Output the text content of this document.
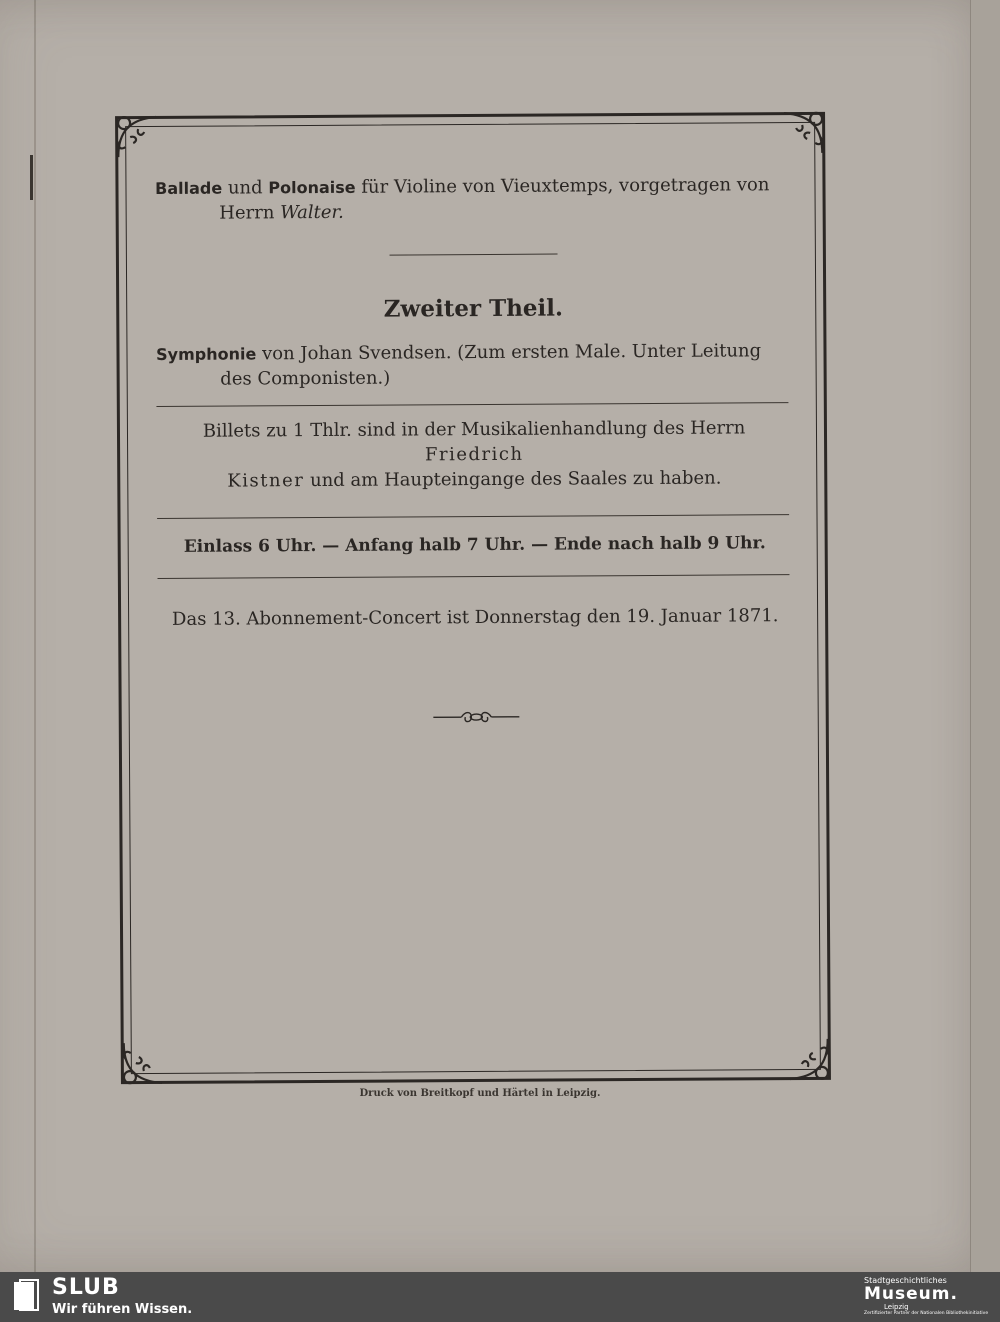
Ballade und Polonaise für Violine von Vieuxtemps, vorgetragen von
Herrn Walter.
Zweiter Theil.
Symphonie von Johan Svendsen. (Zum ersten Male. Unter Leitung
des Componisten.)
Billets zu 1 Thlr. sind in der Musikalienhandlung des Herrn Friedrich
Kistner und am Haupteingange des Saales zu haben.
Einlass 6 Uhr. — Anfang halb 7 Uhr. — Ende nach halb 9 Uhr.
Das 13. Abonnement-Concert ist Donnerstag den 19. Januar 1871.
Druck von Breitkopf und Härtel in Leipzig.
SLUB
Wir führen Wissen.
Stadtgeschichtliches
Museum.
Leipzig
Zertifizierter Partner der Nationalen Bibliothekinitiative
